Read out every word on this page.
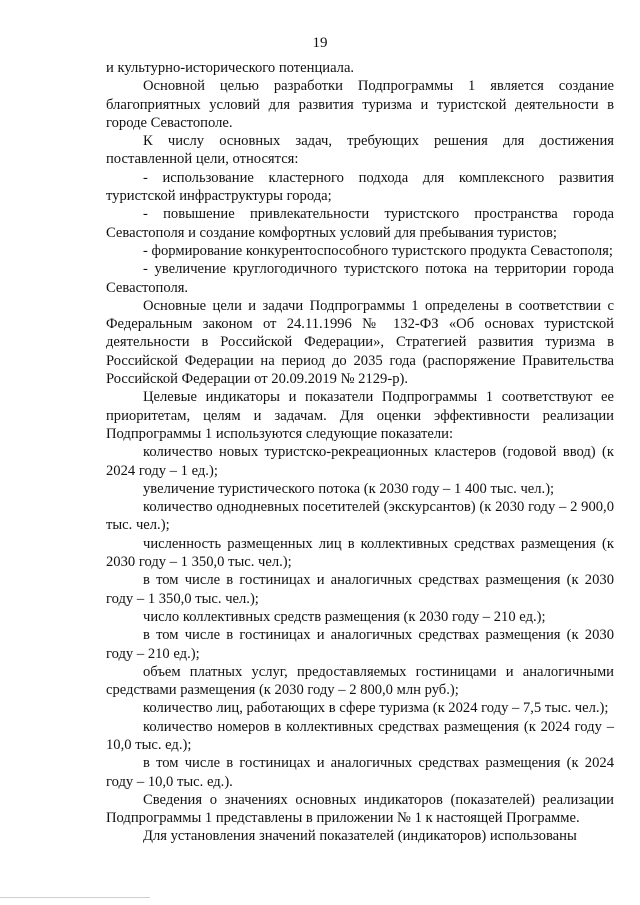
19

и культурно-исторического потенциала.

Основной целью разработки Подпрограммы 1 является создание благоприятных условий для развития туризма и туристской деятельности в городе Севастополе.

К числу основных задач, требующих решения для достижения поставленной цели, относятся:

- использование кластерного подхода для комплексного развития туристской инфраструктуры города;

- повышение привлекательности туристского пространства города Севастополя и создание комфортных условий для пребывания туристов;

- формирование конкурентоспособного туристского продукта Севастополя;

- увеличение круглогодичного туристского потока на территории города Севастополя.

Основные цели и задачи Подпрограммы 1 определены в соответствии с Федеральным законом от 24.11.1996 № 132-ФЗ «Об основах туристской деятельности в Российской Федерации», Стратегией развития туризма в Российской Федерации на период до 2035 года (распоряжение Правительства Российской Федерации от 20.09.2019 № 2129-р).

Целевые индикаторы и показатели Подпрограммы 1 соответствуют ее приоритетам, целям и задачам. Для оценки эффективности реализации Подпрограммы 1 используются следующие показатели:

количество новых туристско-рекреационных кластеров (годовой ввод) (к 2024 году – 1 ед.);

увеличение туристического потока (к 2030 году – 1 400 тыс. чел.);

количество однодневных посетителей (экскурсантов) (к 2030 году – 2 900,0 тыс. чел.);

численность размещенных лиц в коллективных средствах размещения (к 2030 году – 1 350,0 тыс. чел.);

в том числе в гостиницах и аналогичных средствах размещения (к 2030 году – 1 350,0 тыс. чел.);

число коллективных средств размещения (к 2030 году – 210 ед.);

в том числе в гостиницах и аналогичных средствах размещения (к 2030 году – 210 ед.);

объем платных услуг, предоставляемых гостиницами и аналогичными средствами размещения (к 2030 году – 2 800,0 млн руб.);

количество лиц, работающих в сфере туризма (к 2024 году – 7,5 тыс. чел.);

количество номеров в коллективных средствах размещения (к 2024 году – 10,0 тыс. ед.);

в том числе в гостиницах и аналогичных средствах размещения (к 2024 году – 10,0 тыс. ед.).

Сведения о значениях основных индикаторов (показателей) реализации Подпрограммы 1 представлены в приложении № 1 к настоящей Программе.

Для установления значений показателей (индикаторов) использованы
